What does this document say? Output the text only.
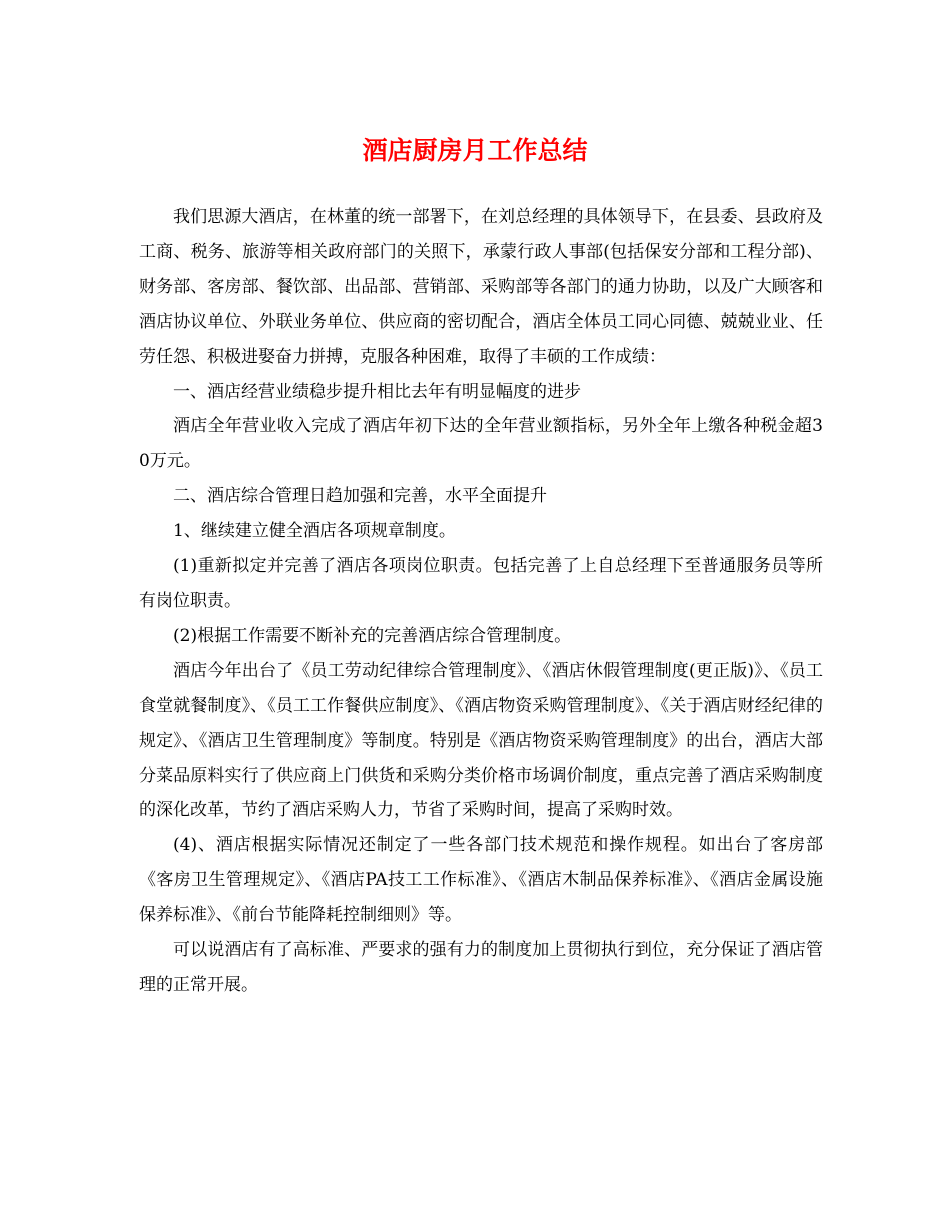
酒店厨房月工作总结

我们思源大酒店，在林董的统一部署下，在刘总经理的具体领导下，在县委、县政府及工商、税务、旅游等相关政府部门的关照下，承蒙行政人事部(包括保安分部和工程分部)、财务部、客房部、餐饮部、出品部、营销部、采购部等各部门的通力协助，以及广大顾客和酒店协议单位、外联业务单位、供应商的密切配合，酒店全体员工同心同德、兢兢业业、任劳任怨、积极进娶奋力拼搏，克服各种困难，取得了丰硕的工作成绩：

一、酒店经营业绩稳步提升相比去年有明显幅度的进步

酒店全年营业收入完成了酒店年初下达的全年营业额指标，另外全年上缴各种税金超30万元。

二、酒店综合管理日趋加强和完善，水平全面提升

1、继续建立健全酒店各项规章制度。

(1)重新拟定并完善了酒店各项岗位职责。包括完善了上自总经理下至普通服务员等所有岗位职责。

(2)根据工作需要不断补充的完善酒店综合管理制度。

酒店今年出台了《员工劳动纪律综合管理制度》、《酒店休假管理制度(更正版)》、《员工食堂就餐制度》、《员工工作餐供应制度》、《酒店物资采购管理制度》、《关于酒店财经纪律的规定》、《酒店卫生管理制度》等制度。特别是《酒店物资采购管理制度》的出台，酒店大部分菜品原料实行了供应商上门供货和采购分类价格市场调价制度，重点完善了酒店采购制度的深化改革，节约了酒店采购人力，节省了采购时间，提高了采购时效。

(4)、酒店根据实际情况还制定了一些各部门技术规范和操作规程。如出台了客房部《客房卫生管理规定》、《酒店PA技工工作标准》、《酒店木制品保养标准》、《酒店金属设施保养标准》、《前台节能降耗控制细则》等。

可以说酒店有了高标准、严要求的强有力的制度加上贯彻执行到位，充分保证了酒店管理的正常开展。
